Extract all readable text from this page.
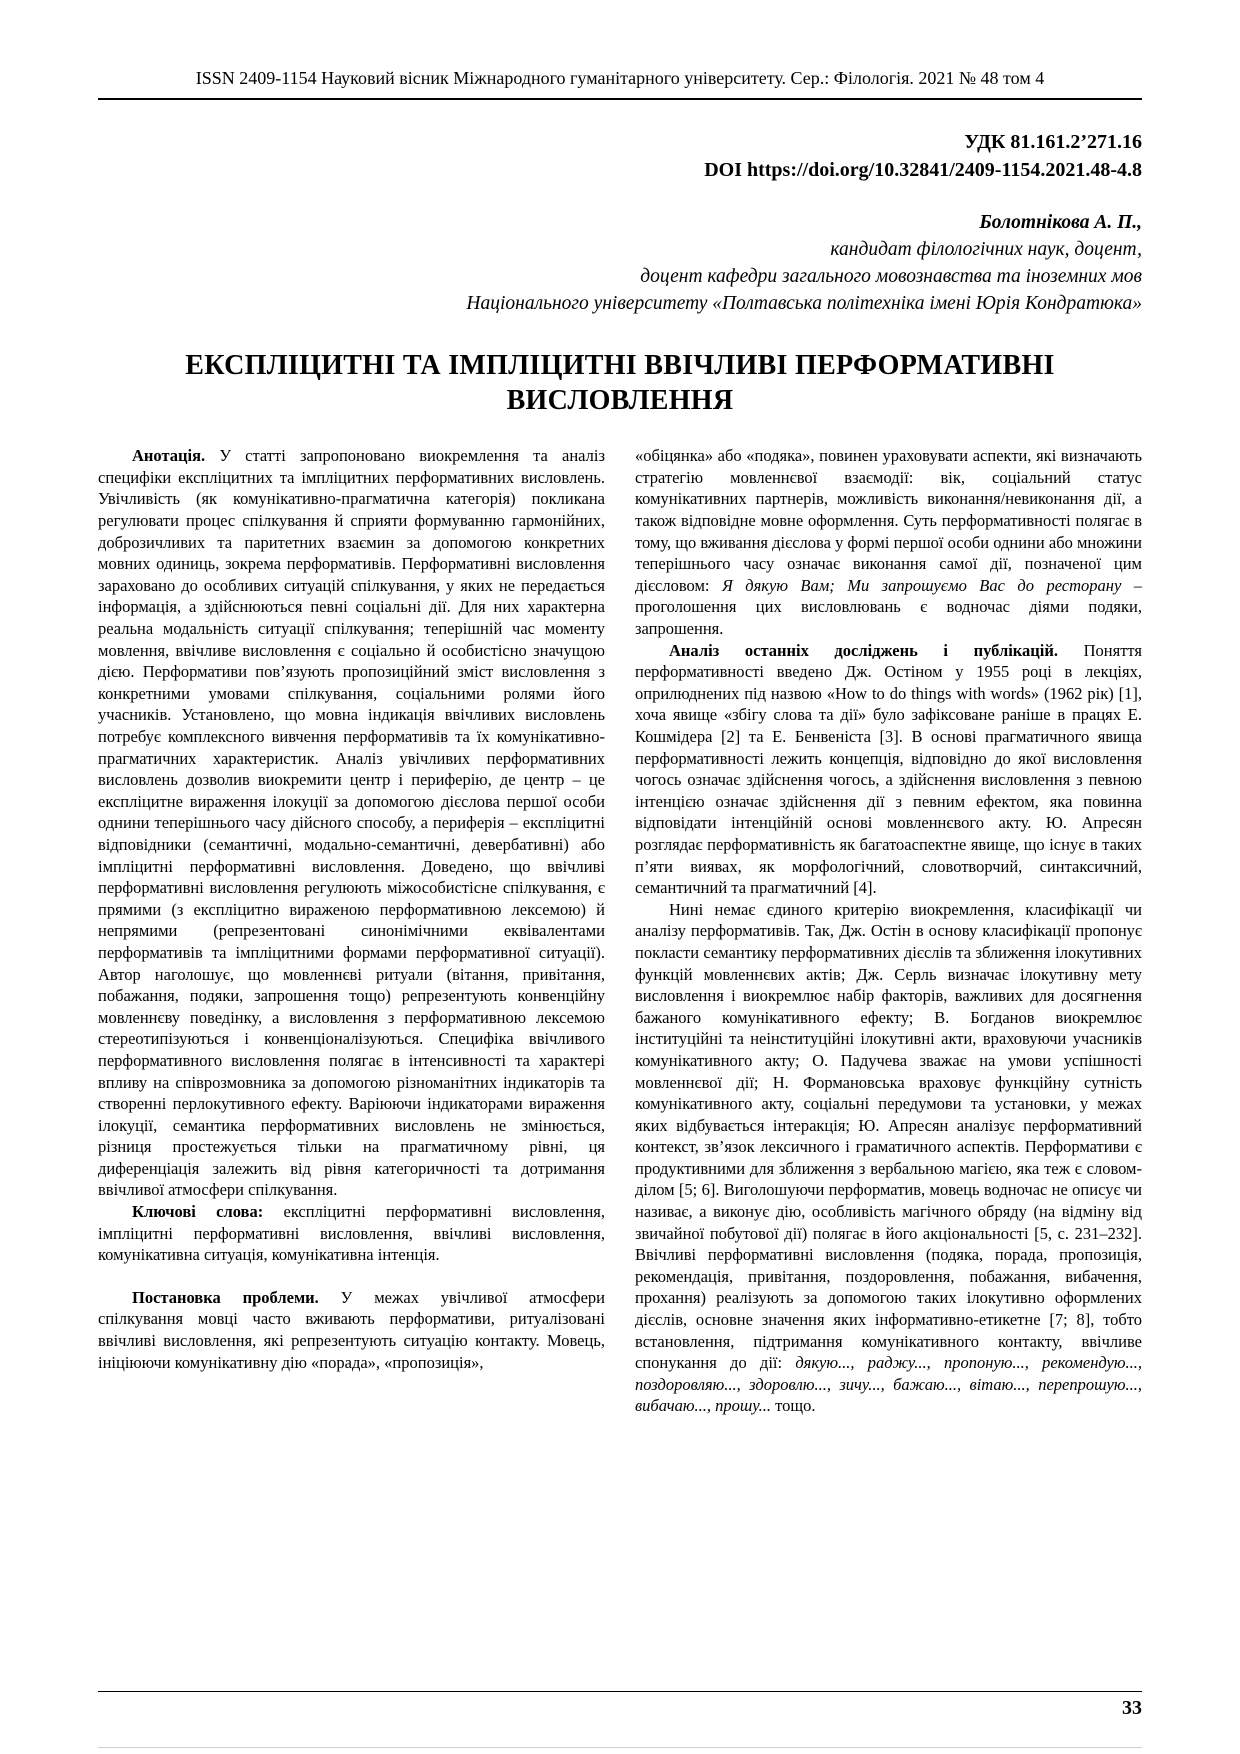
ISSN 2409-1154 Науковий вісник Міжнародного гуманітарного університету. Сер.: Філологія. 2021 № 48 том 4
УДК 81.161.2’271.16
DOI https://doi.org/10.32841/2409-1154.2021.48-4.8
Болотнікова А. П.,
кандидат філологічних наук, доцент,
доцент кафедри загального мовознавства та іноземних мов
Національного університету «Полтавська політехніка імені Юрія Кондратюка»
ЕКСПЛІЦИТНІ ТА ІМПЛІЦИТНІ ВВІЧЛИВІ ПЕРФОРМАТИВНІ ВИСЛОВЛЕННЯ

Анотація. У статті запропоновано виокремлення та аналіз специфіки експліцитних та імпліцитних перформативних висловлень. Увічливість (як комунікативно-прагматична категорія) покликана регулювати процес спілкування й сприяти формуванню гармонійних, доброзичливих та паритетних взаємин за допомогою конкретних мовних одиниць, зокрема перформативів. Перформативні висловлення зараховано до особливих ситуацій спілкування, у яких не передається інформація, а здійснюються певні соціальні дії. Для них характерна реальна модальність ситуації спілкування; теперішній час моменту мовлення, ввічливе висловлення є соціально й особистісно значущою дією. Перформативи пов’язують пропозиційний зміст висловлення з конкретними умовами спілкування, соціальними ролями його учасників. Установлено, що мовна індикація ввічливих висловлень потребує комплексного вивчення перформативів та їх комунікативно-прагматичних характеристик. Аналіз увічливих перформативних висловлень дозволив виокремити центр і периферію, де центр – це експліцитне вираження ілокуції за допомогою дієслова першої особи однини теперішнього часу дійсного способу, а периферія – експліцитні відповідники (семантичні, модально-семантичні, девербативні) або імпліцитні перформативні висловлення. Доведено, що ввічливі перформативні висловлення регулюють міжособистісне спілкування, є прямими (з експліцитно вираженою перформативною лексемою) й непрямими (репрезентовані синонімічними еквівалентами перформативів та імпліцитними формами перформативної ситуації). Автор наголошує, що мовленнєві ритуали (вітання, привітання, побажання, подяки, запрошення тощо) репрезентують конвенційну мовленнєву поведінку, а висловлення з перформативною лексемою стереотипізуються і конвенціоналізуються. Специфіка ввічливого перформативного висловлення полягає в інтенсивності та характері впливу на співрозмовника за допомогою різноманітних індикаторів та створенні перлокутивного ефекту. Варіюючи індикаторами вираження ілокуції, семантика перформативних висловлень не змінюється, різниця простежується тільки на прагматичному рівні, ця диференціація залежить від рівня категоричності та дотримання ввічливої атмосфери спілкування.

Ключові слова: експліцитні перформативні висловлення, імпліцитні перформативні висловлення, ввічливі висловлення, комунікативна ситуація, комунікативна інтенція.

Постановка проблеми. У межах увічливої атмосфери спілкування мовці часто вживають перформативи, ритуалізовані ввічливі висловлення, які репрезентують ситуацію контакту. Мовець, ініціюючи комунікативну дію «порада», «пропозиція»,

«обіцянка» або «подяка», повинен ураховувати аспекти, які визначають стратегію мовленнєвої взаємодії: вік, соціальний статус комунікативних партнерів, можливість виконання/невиконання дії, а також відповідне мовне оформлення. Суть перформативності полягає в тому, що вживання дієслова у формі першої особи однини або множини теперішнього часу означає виконання самої дії, позначеної цим дієсловом: Я дякую Вам; Ми запрошуємо Вас до ресторану – проголошення цих висловлювань є водночас діями подяки, запрошення.

Аналіз останніх досліджень і публікацій. Поняття перформативності введено Дж. Остіном у 1955 році в лекціях, оприлюднених під назвою «How to do things with words» (1962 рік) [1], хоча явище «збігу слова та дії» було зафіксоване раніше в працях Е. Кошмідера [2] та Е. Бенвеніста [3]. В основі прагматичного явища перформативності лежить концепція, відповідно до якої висловлення чогось означає здійснення чогось, а здійснення висловлення з певною інтенцією означає здійснення дії з певним ефектом, яка повинна відповідати інтенційній основі мовленнєвого акту. Ю. Апресян розглядає перформативність як багатоаспектне явище, що існує в таких п’яти виявах, як морфологічний, словотворчий, синтаксичний, семантичний та прагматичний [4].

Нині немає єдиного критерію виокремлення, класифікації чи аналізу перформативів. Так, Дж. Остін в основу класифікації пропонує покласти семантику перформативних дієслів та зближення ілокутивних функцій мовленнєвих актів; Дж. Серль визначає ілокутивну мету висловлення і виокремлює набір факторів, важливих для досягнення бажаного комунікативного ефекту; В. Богданов виокремлює інституційні та неінституційні ілокутивні акти, враховуючи учасників комунікативного акту; О. Падучева зважає на умови успішності мовленнєвої дії; Н. Формановська враховує функційну сутність комунікативного акту, соціальні передумови та установки, у межах яких відбувається інтеракція; Ю. Апресян аналізує перформативний контекст, зв’язок лексичного і граматичного аспектів. Перформативи є продуктивними для зближення з вербальною магією, яка теж є словом-ділом [5; 6]. Виголошуючи перформатив, мовець водночас не описує чи називає, а виконує дію, особливість магічного обряду (на відміну від звичайної побутової дії) полягає в його акціональності [5, с. 231–232]. Ввічливі перформативні висловлення (подяка, порада, пропозиція, рекомендація, привітання, поздоровлення, побажання, вибачення, прохання) реалізують за допомогою таких ілокутивно оформлених дієслів, основне значення яких інформативно-етикетне [7; 8], тобто встановлення, підтримання комунікативного контакту, ввічливе спонукання до дії: дякую..., раджу..., пропоную..., рекомендую..., поздоровляю..., здоровлю..., зичу..., бажаю..., вітаю..., перепрошую..., вибачаю..., прошу... тощо.

33
